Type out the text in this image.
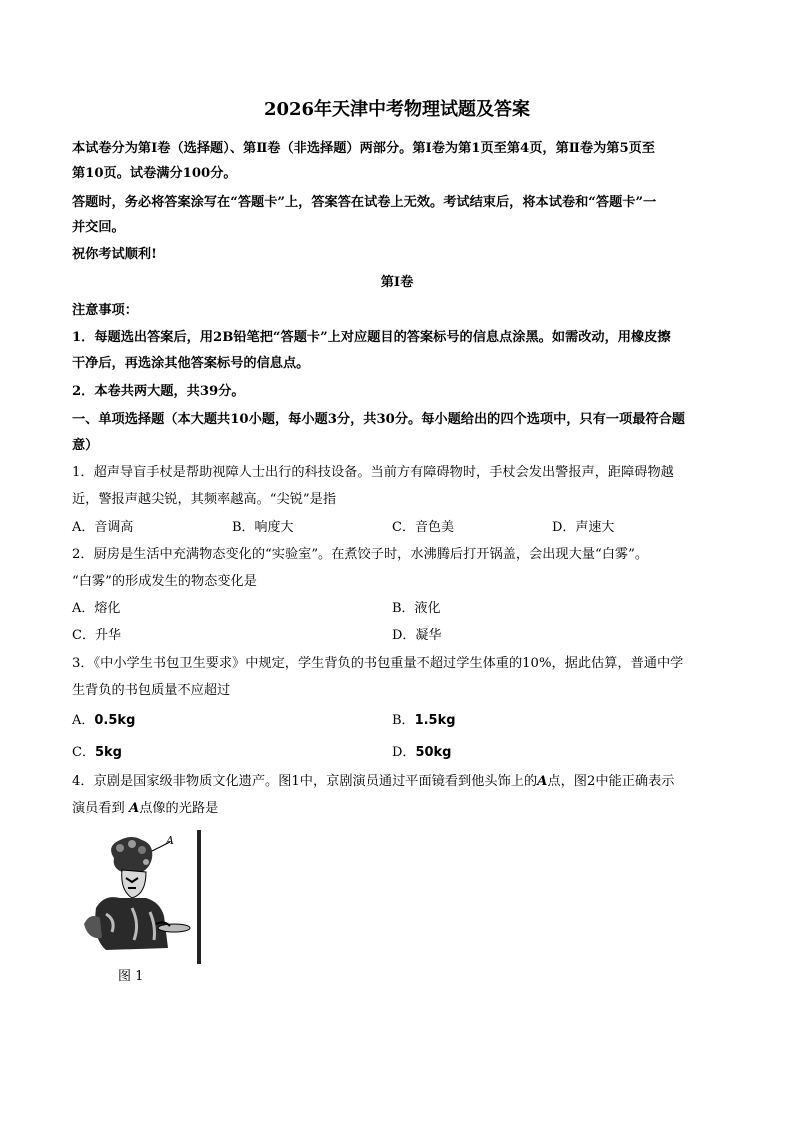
2026年天津中考物理试题及答案
本试卷分为第Ⅰ卷（选择题）、第Ⅱ卷（非选择题）两部分。第Ⅰ卷为第1页至第4页，第Ⅱ卷为第5页至
第10页。试卷满分100分。
答题时，务必将答案涂写在“答题卡”上，答案答在试卷上无效。考试结束后，将本试卷和“答题卡”一
并交回。
祝你考试顺利!
第Ⅰ卷
注意事项：
1．每题选出答案后，用2B铅笔把“答题卡”上对应题目的答案标号的信息点涂黑。如需改动，用橡皮擦
干净后，再选涂其他答案标号的信息点。
2．本卷共两大题，共39分。
一、单项选择题（本大题共10小题，每小题3分，共30分。每小题给出的四个选项中，只有一项最符合题
意）
1．超声导盲手杖是帮助视障人士出行的科技设备。当前方有障碍物时，手杖会发出警报声，距障碍物越
近，警报声越尖锐，其频率越高。“尖锐”是指
A．音调高	B．响度大	C．音色美	D．声速大
2．厨房是生活中充满物态变化的“实验室”。在煮饺子时，水沸腾后打开锅盖，会出现大量“白雾”。
“白雾”的形成发生的物态变化是
A．熔化	B．液化
C．升华	D．凝华
3．《中小学生书包卫生要求》中规定，学生背负的书包重量不超过学生体重的10%，据此估算，普通中学
生背负的书包质量不应超过
A．0.5kg	B．1.5kg
C．5kg	D．50kg
4．京剧是国家级非物质文化遗产。图1中，京剧演员通过平面镜看到他头饰上的A点，图2中能正确表示
演员看到 A点像的光路是
A
图 1
